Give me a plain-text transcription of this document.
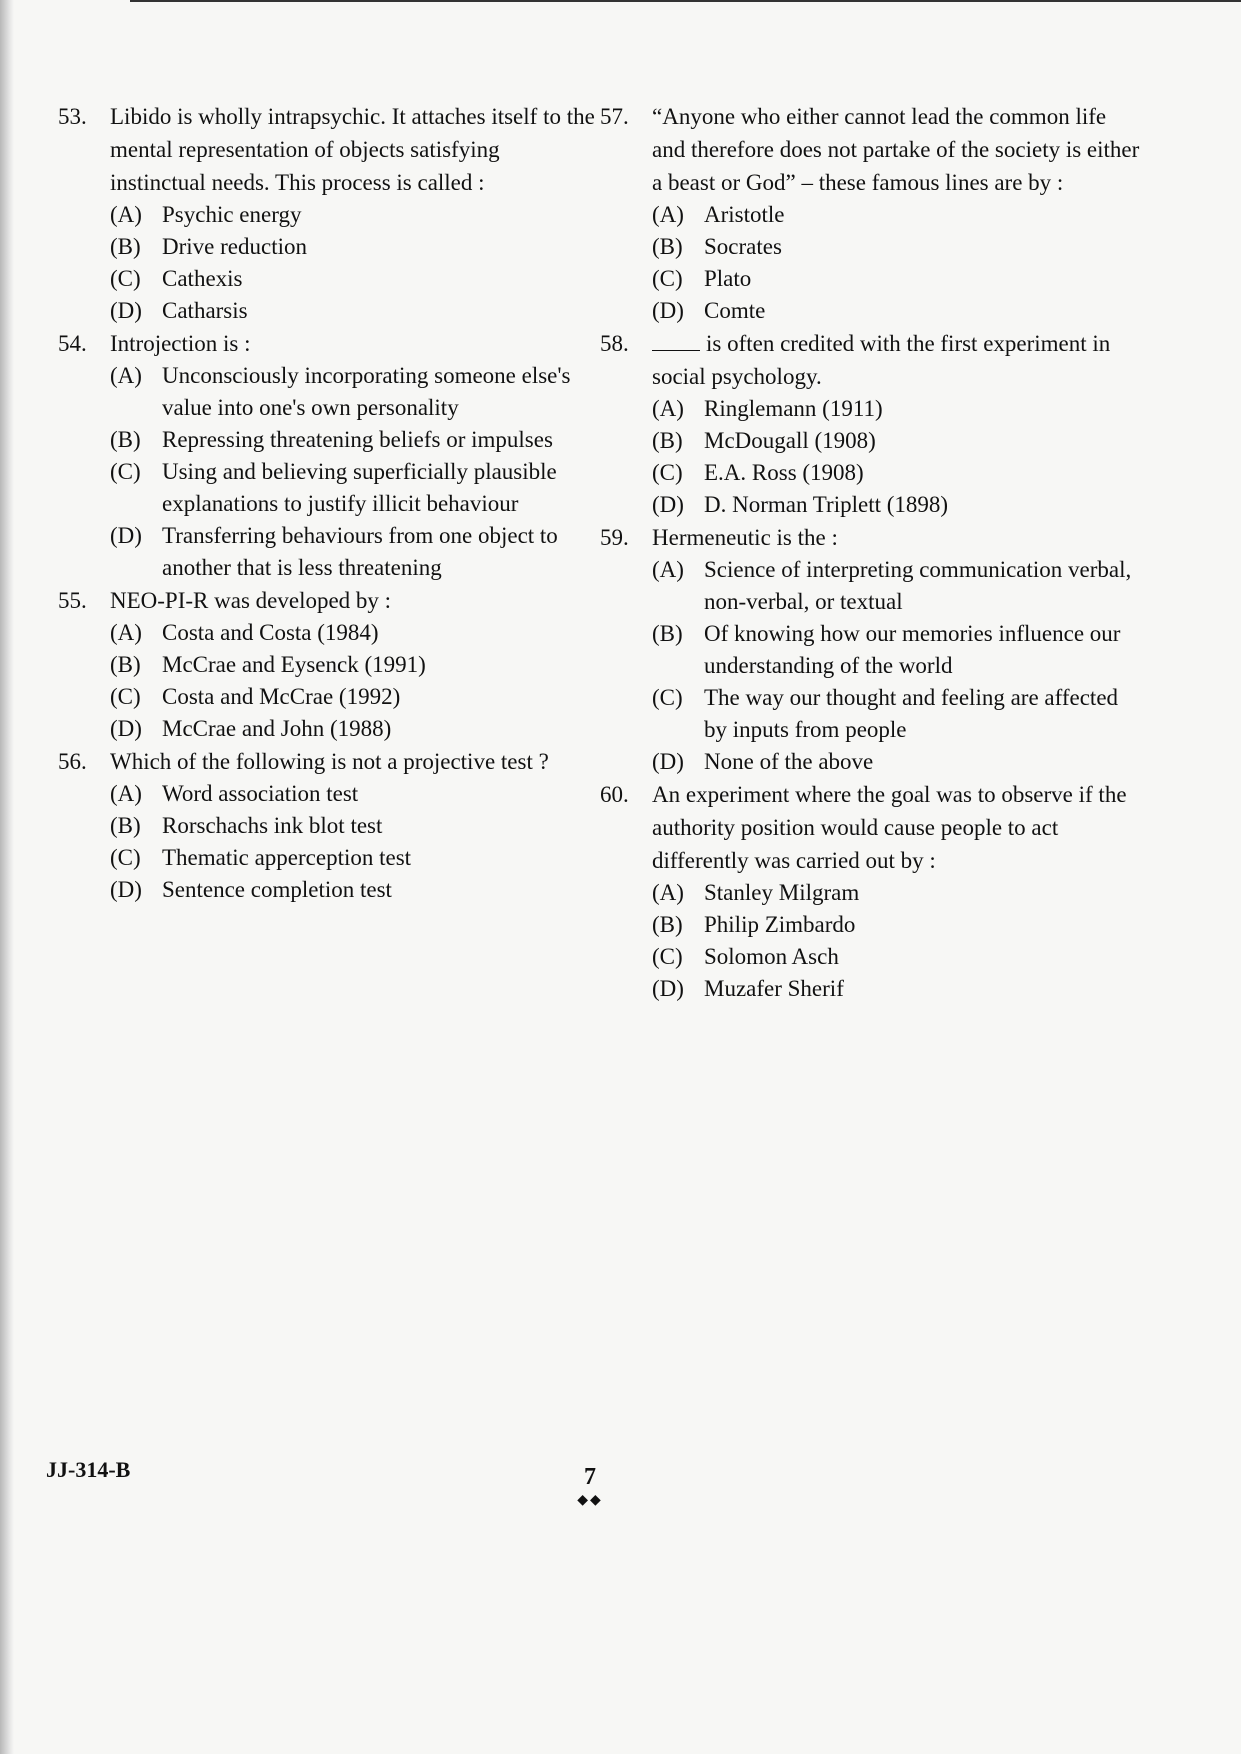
53.	Libido is wholly intrapsychic. It attaches itself to the mental representation of objects satisfying instinctual needs. This process is called :
(A) Psychic energy
(B) Drive reduction
(C) Cathexis
(D) Catharsis
54.	Introjection is :
(A) Unconsciously incorporating someone else's value into one's own personality
(B) Repressing threatening beliefs or impulses
(C) Using and believing superficially plausible explanations to justify illicit behaviour
(D) Transferring behaviours from one object to another that is less threatening
55.	NEO-PI-R was developed by :
(A) Costa and Costa (1984)
(B) McCrae and Eysenck (1991)
(C) Costa and McCrae (1992)
(D) McCrae and John (1988)
56.	Which of the following is not a projective test ?
(A) Word association test
(B) Rorschachs ink blot test
(C) Thematic apperception test
(D) Sentence completion test
57.	“Anyone who either cannot lead the common life and therefore does not partake of the society is either a beast or God” – these famous lines are by :
(A) Aristotle
(B) Socrates
(C) Plato
(D) Comte
58.	is often credited with the first experiment in social psychology.
(A) Ringlemann (1911)
(B) McDougall (1908)
(C) E.A. Ross (1908)
(D) D. Norman Triplett (1898)
59.	Hermeneutic is the :
(A) Science of interpreting communication verbal, non-verbal, or textual
(B) Of knowing how our memories influence our understanding of the world
(C) The way our thought and feeling are affected by inputs from people
(D) None of the above
60.	An experiment where the goal was to observe if the authority position would cause people to act differently was carried out by :
(A) Stanley Milgram
(B) Philip Zimbardo
(C) Solomon Asch
(D) Muzafer Sherif
JJ-314-B	7
◆◆
